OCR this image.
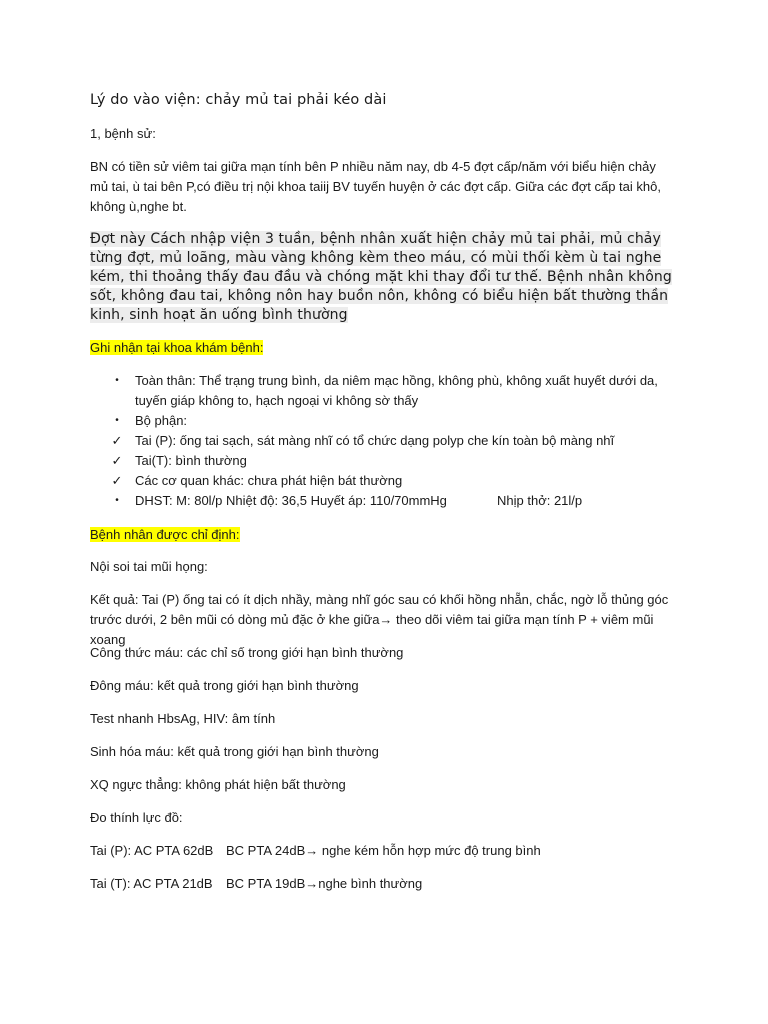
Lý do vào viện: chảy mủ tai phải kéo dài

1, bệnh sử:

BN có tiền sử viêm tai giữa mạn tính bên P nhiều năm nay, db 4-5 đợt cấp/năm với biểu hiện chảy mủ tai, ù tai bên P,có điều trị nội khoa taiij BV tuyến huyện ở các đợt cấp. Giữa các đợt cấp tai khô, không ù,nghe bt.

Đợt này Cách nhập viện 3 tuần, bệnh nhân xuất hiện chảy mủ tai phải, mủ chảy từng đợt, mủ loãng, màu vàng không kèm theo máu, có mùi thối kèm ù tai nghe kém, thi thoảng thấy đau đầu và chóng mặt khi thay đổi tư thế. Bệnh nhân không sốt, không đau tai, không nôn hay buồn nôn, không có biểu hiện bất thường thần kinh, sinh hoạt ăn uống bình thường

Ghi nhận tại khoa khám bệnh:

•	Toàn thân: Thể trạng trung bình, da niêm mạc hồng, không phù, không xuất huyết dưới da, tuyến giáp không to, hạch ngoại vi không sờ thấy
•	Bộ phận:
✓ Tai (P): ống tai sạch, sát màng nhĩ có tổ chức dạng polyp che kín toàn bộ màng nhĩ
✓ Tai(T): bình thường
✓ Các cơ quan khác: chưa phát hiện bát thường
•	DHST: M: 80l/p Nhiệt độ: 36,5 Huyết áp: 110/70mmHg	Nhịp thở: 21l/p

Bệnh nhân được chỉ định:

Nội soi tai mũi họng:

Kết quả: Tai (P) ống tai có ít dịch nhầy, màng nhĩ góc sau có khối hồng nhẵn, chắc, ngờ lỗ thủng góc trước dưới, 2 bên mũi có dòng mủ đặc ở khe giữa→ theo dõi viêm tai giữa mạn tính P + viêm mũi xoang

Công thức máu: các chỉ số trong giới hạn bình thường

Đông máu: kết quả trong giới hạn bình thường

Test nhanh HbsAg, HIV: âm tính

Sinh hóa máu: kết quả trong giới hạn bình thường

XQ ngực thẳng: không phát hiện bất thường

Đo thính lực đồ:

Tai (P): AC PTA 62dB BC PTA 24dB→ nghe kém hỗn hợp mức độ trung bình

Tai (T): AC PTA 21dB BC PTA 19dB→nghe bình thường
